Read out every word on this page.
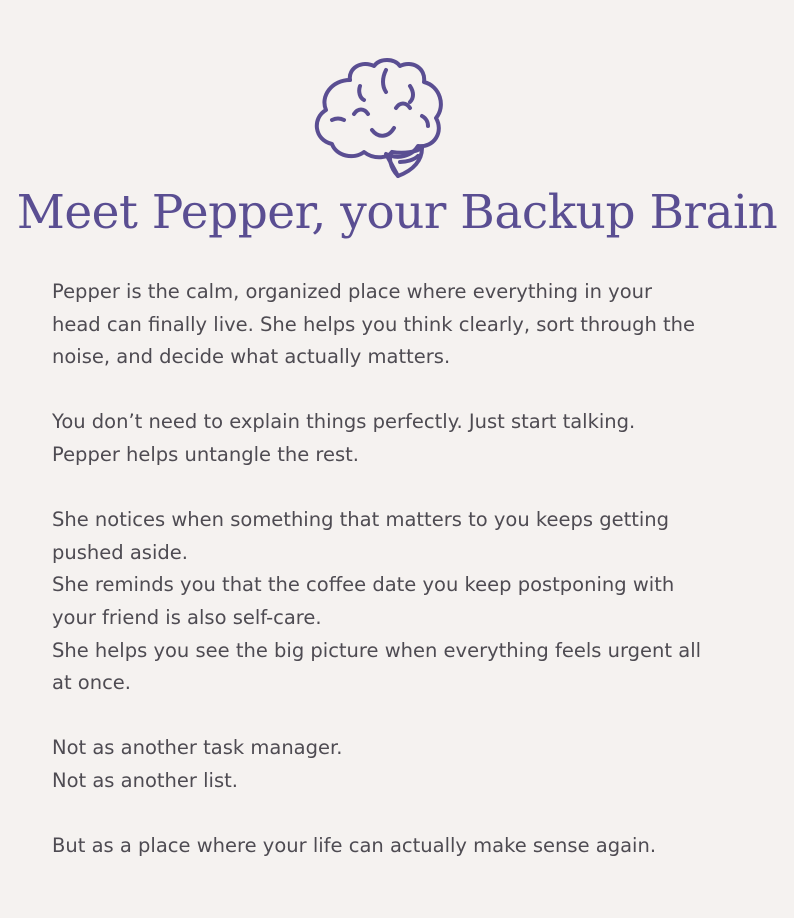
Meet Pepper, your Backup Brain

Pepper is the calm, organized place where everything in your
head can finally live. She helps you think clearly, sort through the
noise, and decide what actually matters.

You don’t need to explain things perfectly. Just start talking.
Pepper helps untangle the rest.

She notices when something that matters to you keeps getting
pushed aside.
She reminds you that the coffee date you keep postponing with
your friend is also self-care.
She helps you see the big picture when everything feels urgent all
at once.

Not as another task manager.
Not as another list.

But as a place where your life can actually make sense again.
